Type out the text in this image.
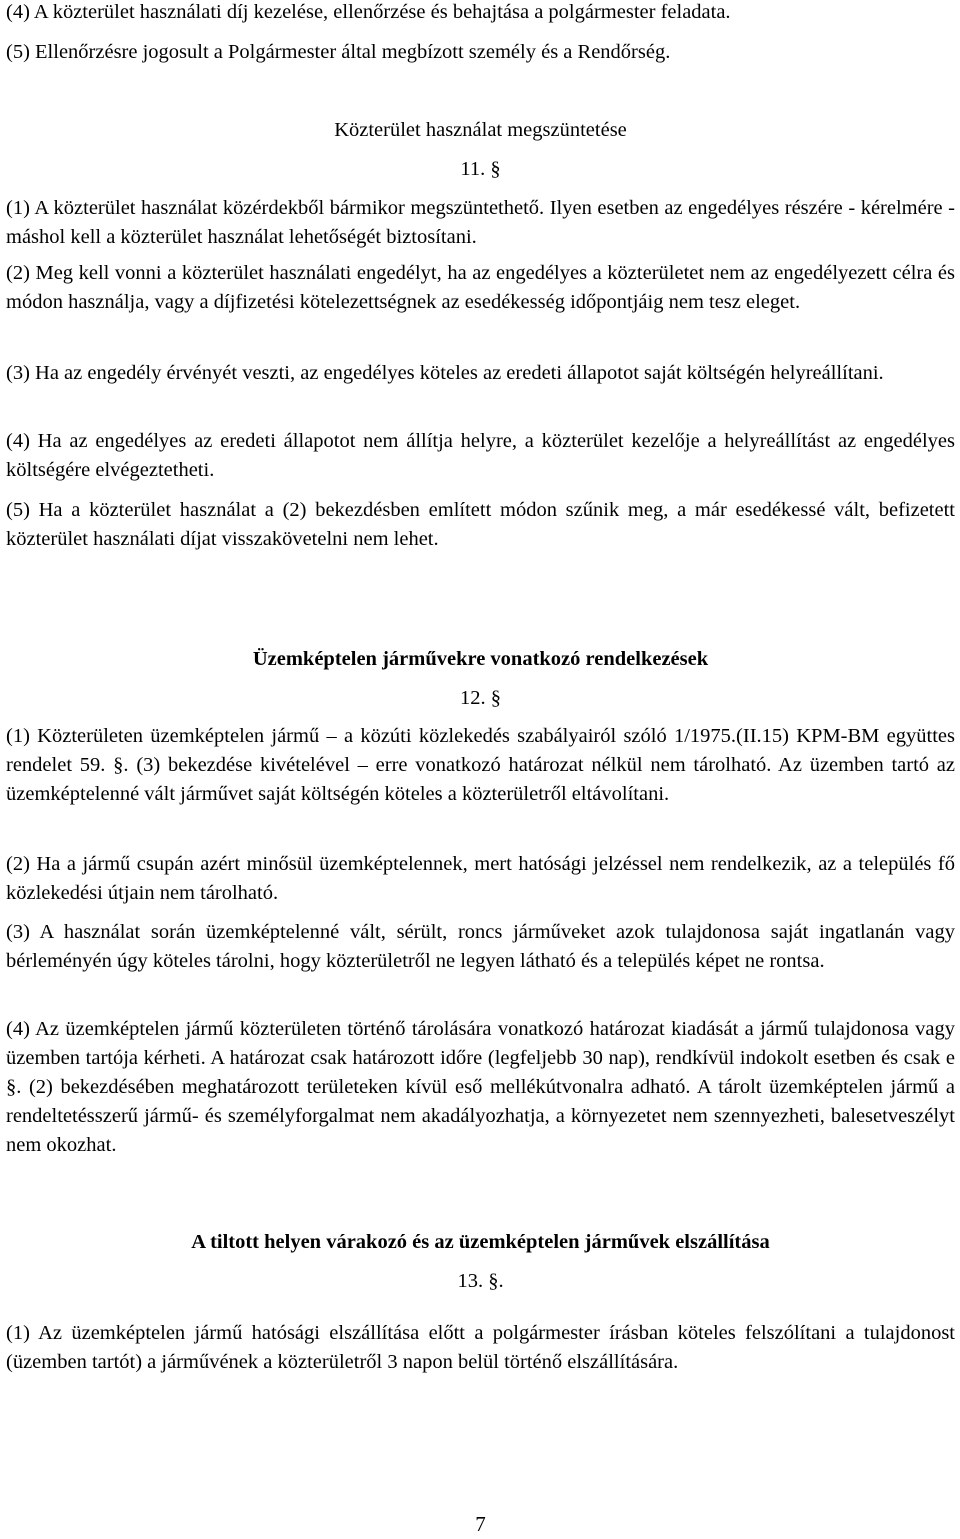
(4) A közterület használati díj kezelése, ellenőrzése és behajtása a polgármester feladata.

(5) Ellenőrzésre jogosult a Polgármester által megbízott személy és a Rendőrség.

Közterület használat megszüntetése

11. §

(1) A közterület használat közérdekből bármikor megszüntethető. Ilyen esetben az engedélyes részére - kérelmére - máshol kell a közterület használat lehetőségét biztosítani.

(2) Meg kell vonni a közterület használati engedélyt, ha az engedélyes a közterületet nem az engedélyezett célra és módon használja, vagy a díjfizetési kötelezettségnek az esedékesség időpontjáig nem tesz eleget.

(3) Ha az engedély érvényét veszti, az engedélyes köteles az eredeti állapotot saját költségén helyreállítani.

(4) Ha az engedélyes az eredeti állapotot nem állítja helyre, a közterület kezelője a helyreállítást az engedélyes költségére elvégeztetheti.

(5) Ha a közterület használat a (2) bekezdésben említett módon szűnik meg, a már esedékessé vált, befizetett közterület használati díjat visszakövetelni nem lehet.

Üzemképtelen járművekre vonatkozó rendelkezések

12. §

(1) Közterületen üzemképtelen jármű – a közúti közlekedés szabályairól szóló 1/1975.(II.15) KPM-BM együttes rendelet 59. §. (3) bekezdése kivételével – erre vonatkozó határozat nélkül nem tárolható. Az üzemben tartó az üzemképtelenné vált járművet saját költségén köteles a közterületről eltávolítani.

(2) Ha a jármű csupán azért minősül üzemképtelennek, mert hatósági jelzéssel nem rendelkezik, az a település fő közlekedési útjain nem tárolható.

(3) A használat során üzemképtelenné vált, sérült, roncs járműveket azok tulajdonosa saját ingatlanán vagy bérleményén úgy köteles tárolni, hogy közterületről ne legyen látható és a település képet ne rontsa.

(4) Az üzemképtelen jármű közterületen történő tárolására vonatkozó határozat kiadását a jármű tulajdonosa vagy üzemben tartója kérheti. A határozat csak határozott időre (legfeljebb 30 nap), rendkívül indokolt esetben és csak e §. (2) bekezdésében meghatározott területeken kívül eső mellékútvonalra adható. A tárolt üzemképtelen jármű a rendeltetésszerű jármű- és személyforgalmat nem akadályozhatja, a környezetet nem szennyezheti, balesetveszélyt nem okozhat.

A tiltott helyen várakozó és az üzemképtelen járművek elszállítása

13. §.

(1) Az üzemképtelen jármű hatósági elszállítása előtt a polgármester írásban köteles felszólítani a tulajdonost (üzemben tartót) a járművének a közterületről 3 napon belül történő elszállítására.

7
